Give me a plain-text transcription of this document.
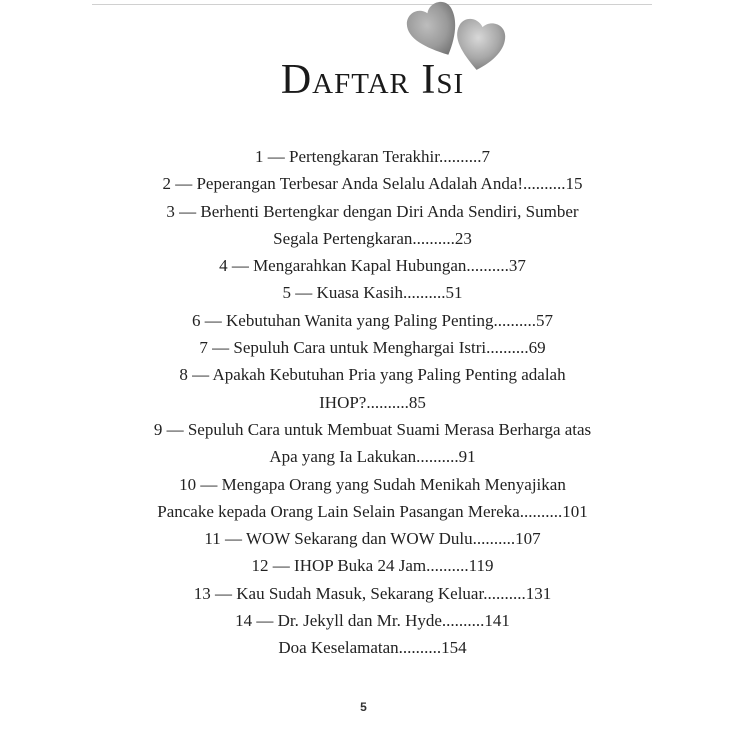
Daftar Isi
1 — Pertengkaran Terakhir..........7
2 — Peperangan Terbesar Anda Selalu Adalah Anda!..........15
3 — Berhenti Bertengkar dengan Diri Anda Sendiri, Sumber
Segala Pertengkaran..........23
4 — Mengarahkan Kapal Hubungan..........37
5 — Kuasa Kasih..........51
6 — Kebutuhan Wanita yang Paling Penting..........57
7 — Sepuluh Cara untuk Menghargai Istri..........69
8 — Apakah Kebutuhan Pria yang Paling Penting adalah
IHOP?..........85
9 — Sepuluh Cara untuk Membuat Suami Merasa Berharga atas
Apa yang Ia Lakukan..........91
10 — Mengapa Orang yang Sudah Menikah Menyajikan
Pancake kepada Orang Lain Selain Pasangan Mereka..........101
11 — WOW Sekarang dan WOW Dulu..........107
12 — IHOP Buka 24 Jam..........119
13 — Kau Sudah Masuk, Sekarang Keluar..........131
14 — Dr. Jekyll dan Mr. Hyde..........141
Doa Keselamatan..........154
5
